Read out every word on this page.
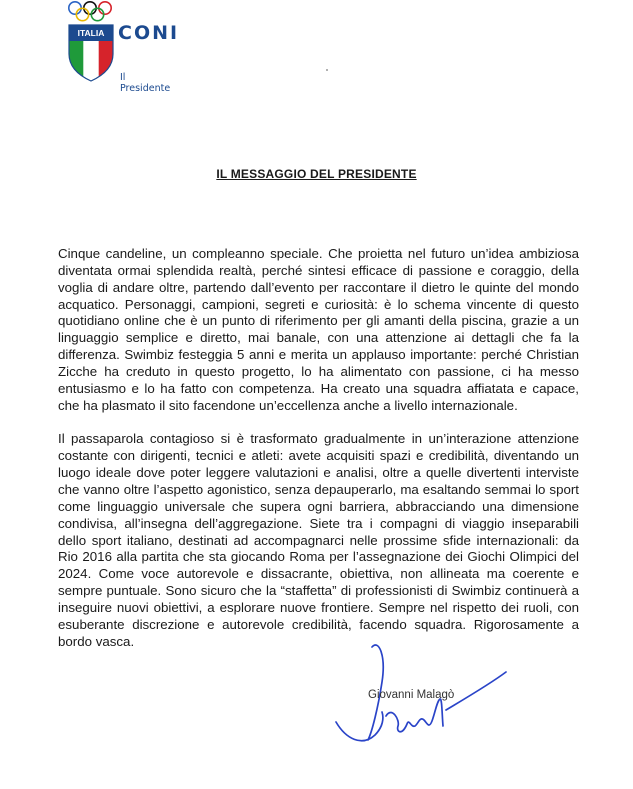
ITALIA CONI
Il Presidente
IL MESSAGGIO DEL PRESIDENTE

Cinque candeline, un compleanno speciale. Che proietta nel futuro un’idea ambiziosa diventata ormai splendida realtà, perché sintesi efficace di passione e coraggio, della voglia di andare oltre, partendo dall’evento per raccontare il dietro le quinte del mondo acquatico. Personaggi, campioni, segreti e curiosità: è lo schema vincente di questo quotidiano online che è un punto di riferimento per gli amanti della piscina, grazie a un linguaggio semplice e diretto, mai banale, con una attenzione ai dettagli che fa la differenza. Swimbiz festeggia 5 anni e merita un applauso importante: perché Christian Zicche ha creduto in questo progetto, lo ha alimentato con passione, ci ha messo entusiasmo e lo ha fatto con competenza. Ha creato una squadra affiatata e capace, che ha plasmato il sito facendone un’eccellenza anche a livello internazionale.

Il passaparola contagioso si è trasformato gradualmente in un’interazione attenzione costante con dirigenti, tecnici e atleti: avete acquisiti spazi e credibilità, diventando un luogo ideale dove poter leggere valutazioni e analisi, oltre a quelle divertenti interviste che vanno oltre l’aspetto agonistico, senza depauperarlo, ma esaltando semmai lo sport come linguaggio universale che supera ogni barriera, abbracciando una dimensione condivisa, all’insegna dell’aggregazione. Siete tra i compagni di viaggio inseparabili dello sport italiano, destinati ad accompagnarci nelle prossime sfide internazionali: da Rio 2016 alla partita che sta giocando Roma per l’assegnazione dei Giochi Olimpici del 2024. Come voce autorevole e dissacrante, obiettiva, non allineata ma coerente e sempre puntuale. Sono sicuro che la “staffetta” di professionisti di Swimbiz continuerà a inseguire nuovi obiettivi, a esplorare nuove frontiere. Sempre nel rispetto dei ruoli, con esuberante discrezione e autorevole credibilità, facendo squadra. Rigorosamente a bordo vasca.

Giovanni Malagò
